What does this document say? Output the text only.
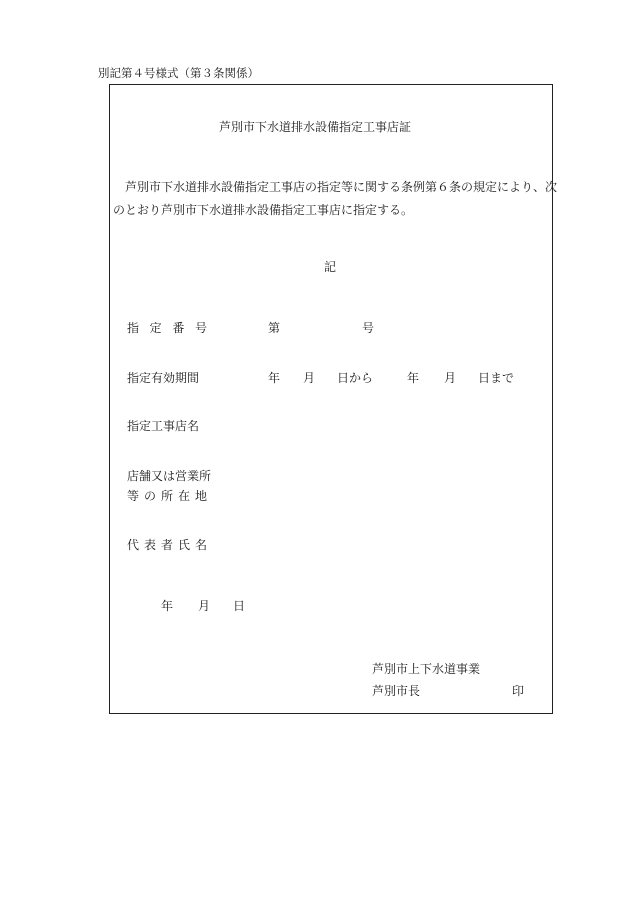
別記第４号様式（第３条関係）
芦別市下水道排水設備指定工事店証
芦別市下水道排水設備指定工事店の指定等に関する条例第６条の規定により、次
のとおり芦別市下水道排水設備指定工事店に指定する。
記
指 定 番 号	第	号
指定有効期間	年 月 日から	年 月 日まで
指定工事店名
店舗又は営業所
等 の 所 在 地
代 表 者 氏 名
年 月 日
芦別市上下水道事業
芦別市長	印
